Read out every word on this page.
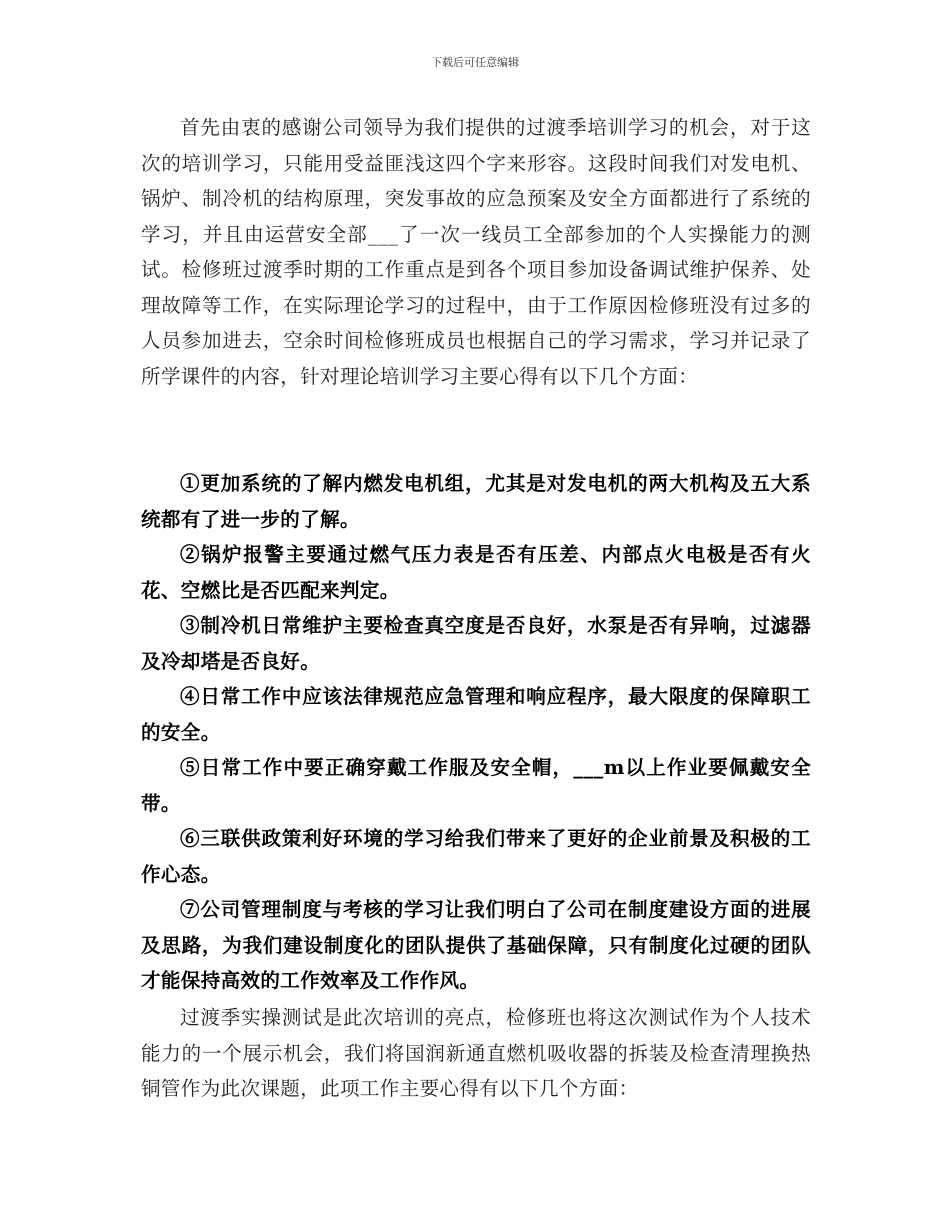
下载后可任意编辑

首先由衷的感谢公司领导为我们提供的过渡季培训学习的机会，对于这次的培训学习，只能用受益匪浅这四个字来形容。这段时间我们对发电机、锅炉、制冷机的结构原理，突发事故的应急预案及安全方面都进行了系统的学习，并且由运营安全部___了一次一线员工全部参加的个人实操能力的测试。检修班过渡季时期的工作重点是到各个项目参加设备调试维护保养、处理故障等工作，在实际理论学习的过程中，由于工作原因检修班没有过多的人员参加进去，空余时间检修班成员也根据自己的学习需求，学习并记录了所学课件的内容，针对理论培训学习主要心得有以下几个方面：

①更加系统的了解内燃发电机组，尤其是对发电机的两大机构及五大系统都有了进一步的了解。

②锅炉报警主要通过燃气压力表是否有压差、内部点火电极是否有火花、空燃比是否匹配来判定。

③制冷机日常维护主要检查真空度是否良好，水泵是否有异响，过滤器及冷却塔是否良好。

④日常工作中应该法律规范应急管理和响应程序，最大限度的保障职工的安全。

⑤日常工作中要正确穿戴工作服及安全帽，___m以上作业要佩戴安全带。

⑥三联供政策利好环境的学习给我们带来了更好的企业前景及积极的工作心态。

⑦公司管理制度与考核的学习让我们明白了公司在制度建设方面的进展及思路，为我们建设制度化的团队提供了基础保障，只有制度化过硬的团队才能保持高效的工作效率及工作作风。

过渡季实操测试是此次培训的亮点，检修班也将这次测试作为个人技术能力的一个展示机会，我们将国润新通直燃机吸收器的拆装及检查清理换热铜管作为此次课题，此项工作主要心得有以下几个方面：
